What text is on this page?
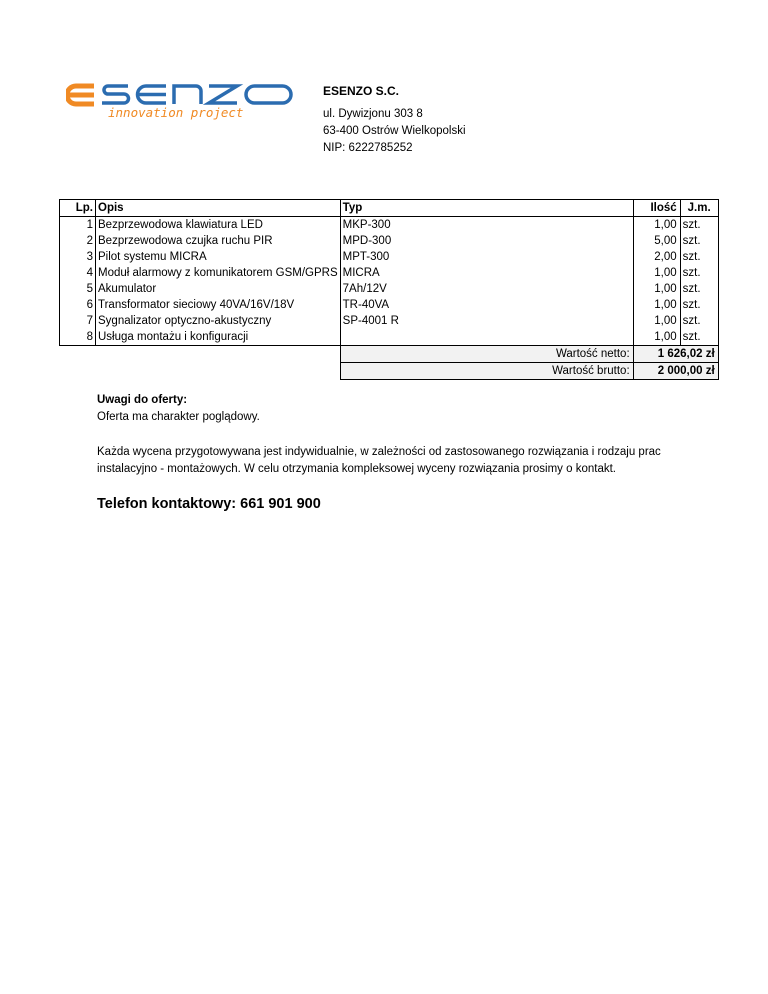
innovation project
ESENZO S.C.
ul. Dywizjonu 303 8
63-400 Ostrów Wielkopolski
NIP: 6222785252
Lp.	Opis	Typ	Ilość	J.m.
1	Bezprzewodowa klawiatura LED	MKP-300	1,00	szt.
2	Bezprzewodowa czujka ruchu PIR	MPD-300	5,00	szt.
3	Pilot systemu MICRA	MPT-300	2,00	szt.
4	Moduł alarmowy z komunikatorem GSM/GPRS	MICRA	1,00	szt.
5	Akumulator	7Ah/12V	1,00	szt.
6	Transformator sieciowy 40VA/16V/18V	TR-40VA	1,00	szt.
7	Sygnalizator optyczno-akustyczny	SP-4001 R	1,00	szt.
8	Usługa montażu i konfiguracji		1,00	szt.
		Wartość netto:	1 626,02 zł	
		Wartość brutto:	2 000,00 zł	
Uwagi do oferty:
Oferta ma charakter poglądowy.
Każda wycena przygotowywana jest indywidualnie, w zależności od zastosowanego rozwiązania i rodzaju prac instalacyjno - montażowych. W celu otrzymania kompleksowej wyceny rozwiązania prosimy o kontakt.
Telefon kontaktowy: 661 901 900
